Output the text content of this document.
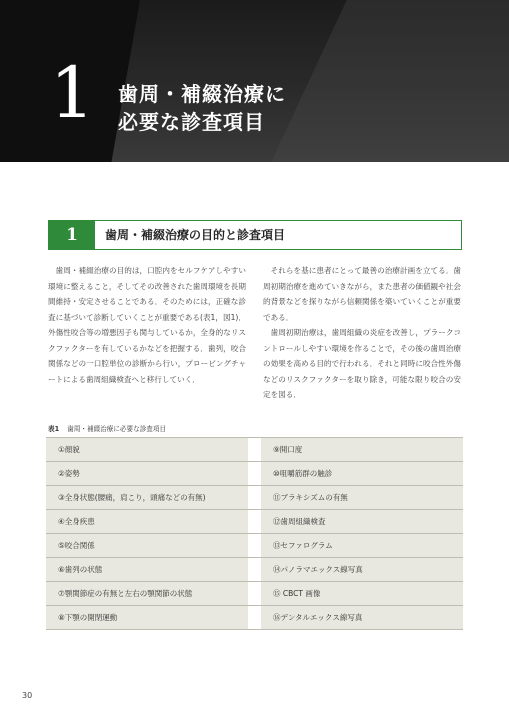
1 歯周・補綴治療に
必要な診査項目
1	歯周・補綴治療の目的と診査項目

歯周・補綴治療の目的は，口腔内をセルフケアしやすい環境に整えること，そしてその改善された歯周環境を長期間維持・安定させることである．そのためには，正確な診査に基づいて診断していくことが重要である(表1，図1)．外傷性咬合等の増悪因子も関与しているか，全身的なリスクファクターを有しているかなどを把握する．歯列，咬合関係などの一口腔単位の診断から行い，プロービングチャートによる歯周組織検査へと移行していく．

それらを基に患者にとって最善の治療計画を立てる．歯周初期治療を進めていきながら，また患者の価値観や社会的背景などを探りながら信頼関係を築いていくことが重要である．

歯周初期治療は，歯周組織の炎症を改善し，プラークコントロールしやすい環境を作ることで，その後の歯周治療の効果を高める目的で行われる．それと同時に咬合性外傷などのリスクファクターを取り除き，可能な限り咬合の安定を図る．

表1 歯周・補綴治療に必要な診査項目
①顔貌	⑨開口度
②姿勢	⑩咀嚼筋群の触診
③全身状態(腰痛，肩こり，頭痛などの有無)	⑪ブラキシズムの有無
④全身疾患	⑫歯周組織検査
⑤咬合関係	⑬セファログラム
⑥歯列の状態	⑭パノラマエックス線写真
⑦顎関節症の有無と左右の顎関節の状態	⑮ CBCT 画像
⑧下顎の開閉運動	⑯デンタルエックス線写真
30
